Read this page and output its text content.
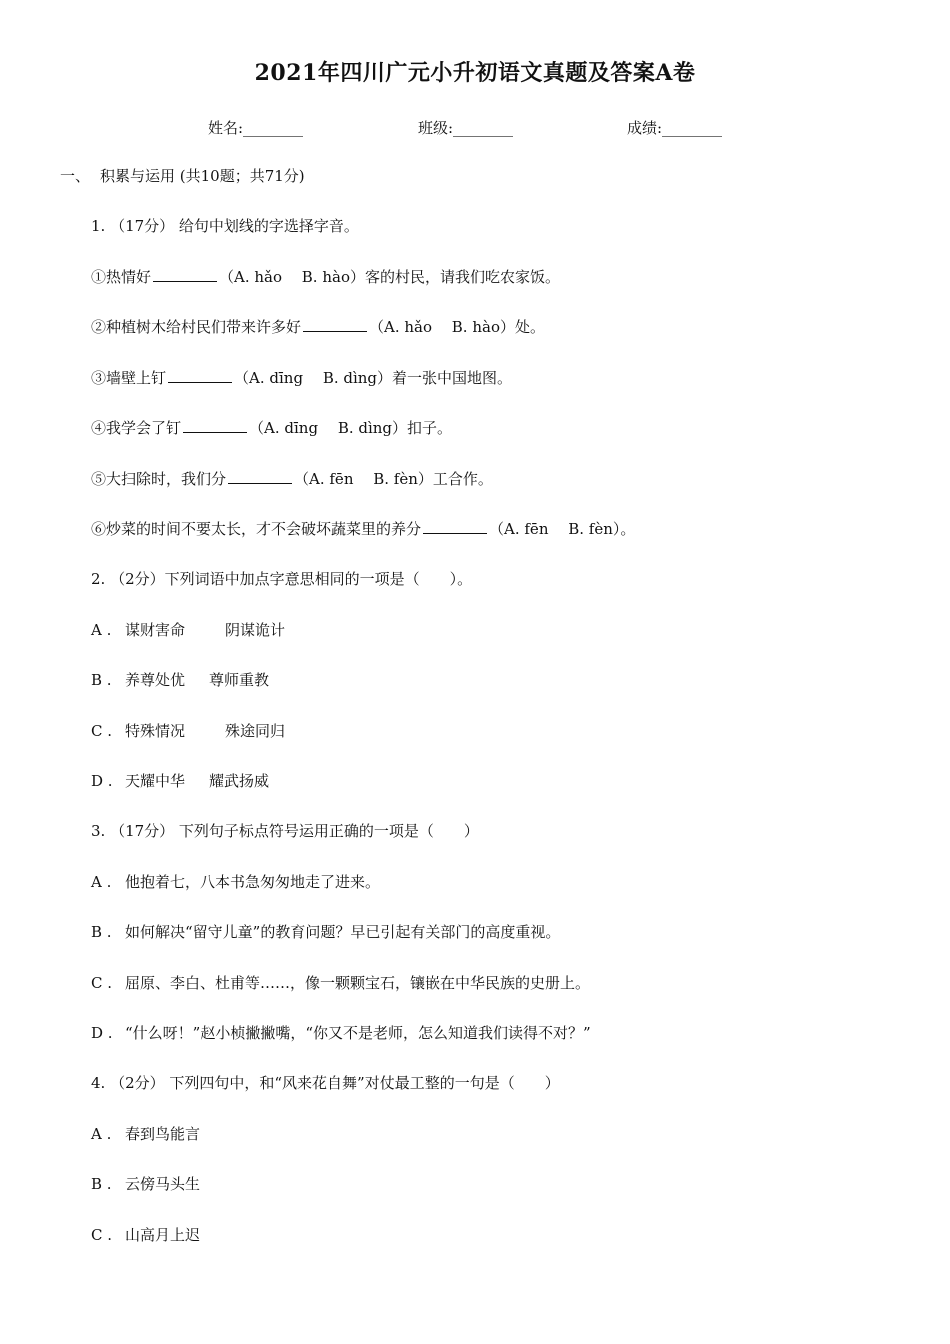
2021年四川广元小升初语文真题及答案A卷
姓名:________	班级:________	成绩:________
一、 积累与运用 (共10题；共71分)
1. （17分） 给句中划线的字选择字音。
①热情好	（A. hǎo　 B. hào）客的村民，请我们吃农家饭。
②种植树木给村民们带来许多好	（A. hǎo　 B. hào）处。
③墙壁上钉	（A. dīng　 B. dìng）着一张中国地图。
④我学会了钉	（A. dīng　 B. dìng）扣子。
⑤大扫除时，我们分	（A. fēn　 B. fèn）工合作。
⑥炒菜的时间不要太长，才不会破坏蔬菜里的养分	（A. fēn　 B. fèn）。
2. （2分）下列词语中加点字意思相同的一项是（　　）。
A . 谋财害命	阴谋诡计
B . 养尊处优 尊师重教
C . 特殊情况	殊途同归
D . 天耀中华 耀武扬威
3. （17分） 下列句子标点符号运用正确的一项是（　　）
A . 他抱着七，八本书急匆匆地走了进来。
B . 如何解决“留守儿童”的教育问题？早已引起有关部门的高度重视。
C . 屈原、李白、杜甫等……，像一颗颗宝石，镶嵌在中华民族的史册上。
D . “什么呀！”赵小桢撇撇嘴，“你又不是老师，怎么知道我们读得不对？”
4. （2分） 下列四句中，和“风来花自舞”对仗最工整的一句是（　　）
A . 春到鸟能言
B . 云傍马头生
C . 山高月上迟
